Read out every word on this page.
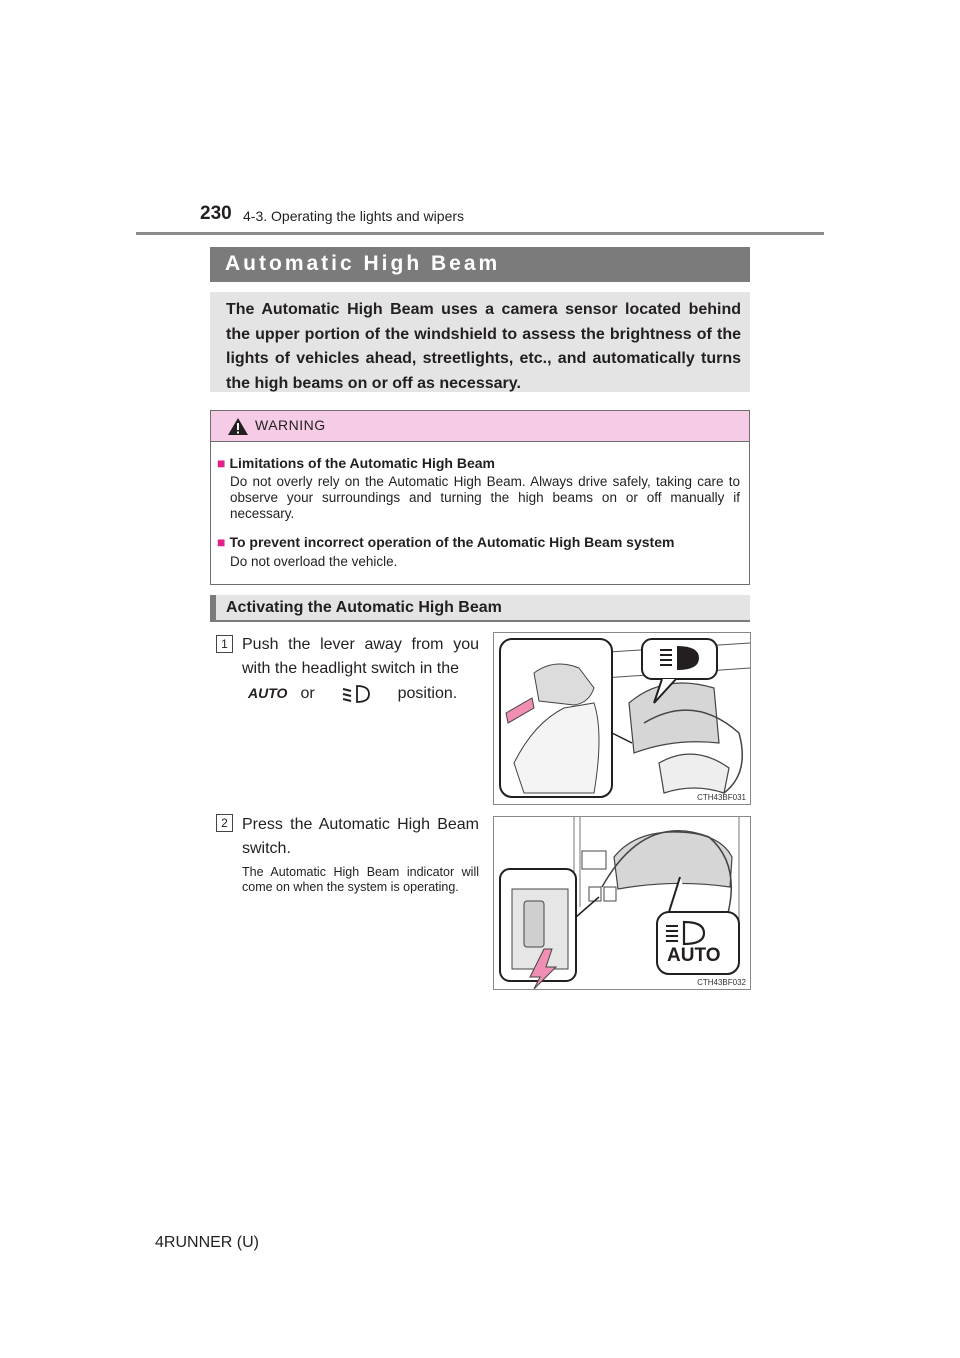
230 4-3. Operating the lights and wipers
Automatic High Beam
The Automatic High Beam uses a camera sensor located behind the upper portion of the windshield to assess the brightness of the lights of vehicles ahead, streetlights, etc., and automatically turns the high beams on or off as necessary.
WARNING
■ Limitations of the Automatic High Beam
Do not overly rely on the Automatic High Beam. Always drive safely, taking care to observe your surroundings and turning the high beams on or off manually if necessary.
■ To prevent incorrect operation of the Automatic High Beam system
Do not overload the vehicle.
Activating the Automatic High Beam
1 Push the lever away from you with the headlight switch in the
AUTO or	position.
CTH43BF031
2 Press the Automatic High Beam switch.
The Automatic High Beam indicator will come on when the system is operating.
AUTO
CTH43BF032
4RUNNER (U)
